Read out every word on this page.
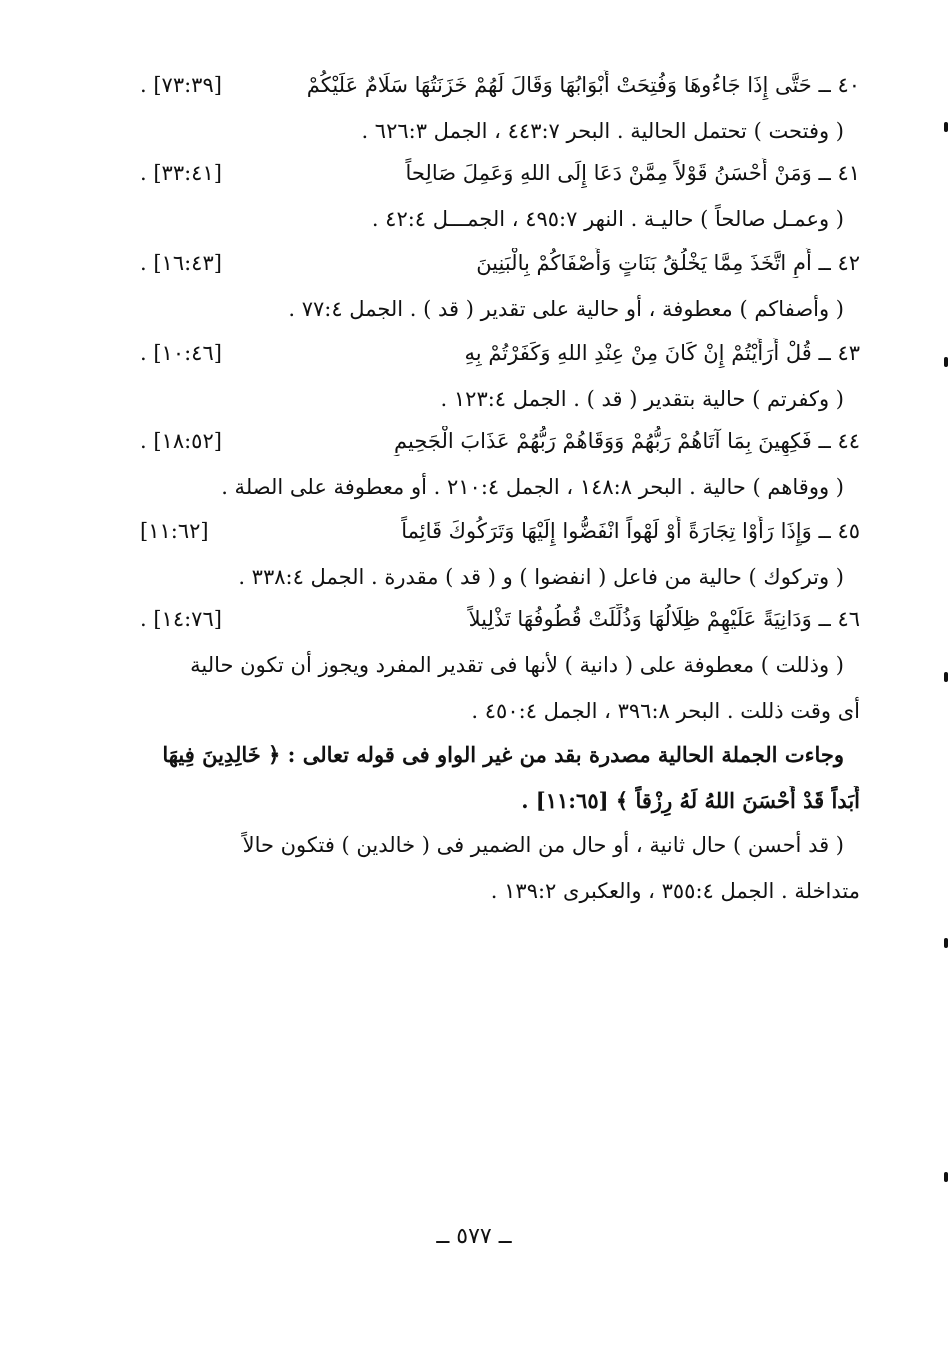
٤٠ ــ حَتَّى إِذَا جَاءُوهَا وَفُتِحَتْ أَبْوَابُهَا وَقَالَ لَهُمْ خَزَنَتُهَا سَلَامٌ عَلَيْكُمْ
[٧٣:٣٩] .
( وفتحت ) تحتمل الحالية . البحر ٤٤٣:٧ ، الجمل ٦٢٦:٣ .
٤١ ــ وَمَنْ أَحْسَنُ قَوْلاً مِمَّنْ دَعَا إِلَى اللهِ وَعَمِلَ صَالِحاً
[٣٣:٤١] .
( وعمـل صالحاً ) حاليـة . النهر ٤٩٥:٧ ، الجمـــل ٤٢:٤ .
٤٢ ــ أَمِ اتَّخَذَ مِمَّا يَخْلُقُ بَنَاتٍ وَأَصْفَاكُمْ بِالْبَنِينَ
[١٦:٤٣] .
( وأصفاكم ) معطوفة ، أو حالية على تقدير ( قد ) . الجمل ٧٧:٤ .
٤٣ ــ قُلْ أَرَأَيْتُمْ إِنْ كَانَ مِنْ عِنْدِ اللهِ وَكَفَرْتُمْ بِهِ
[١٠:٤٦] .
( وكفرتم ) حالية بتقدير ( قد ) . الجمل ١٢٣:٤ .
٤٤ ــ فَكِهِينَ بِمَا آتَاهُمْ رَبُّهُمْ وَوَقَاهُمْ رَبُّهُمْ عَذَابَ الْجَحِيمِ
[١٨:٥٢] .
( ووقاهم ) حالية . البحر ١٤٨:٨ ، الجمل ٢١٠:٤ . أو معطوفة على الصلة .
٤٥ ــ وَإِذَا رَأَوْا تِجَارَةً أَوْ لَهْواً انْفَضُّوا إِلَيْهَا وَتَرَكُوكَ قَائِماً
[١١:٦٢]
( وتركوك ) حالية من فاعل ( انفضوا ) و ( قد ) مقدرة . الجمل ٣٣٨:٤ .
٤٦ ــ وَدَانِيَةً عَلَيْهِمْ ظِلَالُهَا وَذُلِّلَتْ قُطُوفُهَا تَذْلِيلاً
[١٤:٧٦] .
( وذللت ) معطوفة على ( دانية ) لأنها فى تقدير المفرد ويجوز أن تكون حالية
أى وقت ذللت . البحر ٣٩٦:٨ ، الجمل ٤٥٠:٤ .
وجاءت الجملة الحالية مصدرة بقد من غير الواو فى قوله تعالى : ﴿ خَالِدِينَ فِيهَا
أَبَداً قَدْ أَحْسَنَ اللهُ لَهُ رِزْقاً ﴾ [١١:٦٥] .
( قد أحسن ) حال ثانية ، أو حال من الضمير فى ( خالدين ) فتكون حالاً
متداخلة . الجمل ٣٥٥:٤ ، والعكبرى ١٣٩:٢ .
ــ ٥٧٧ ــ
